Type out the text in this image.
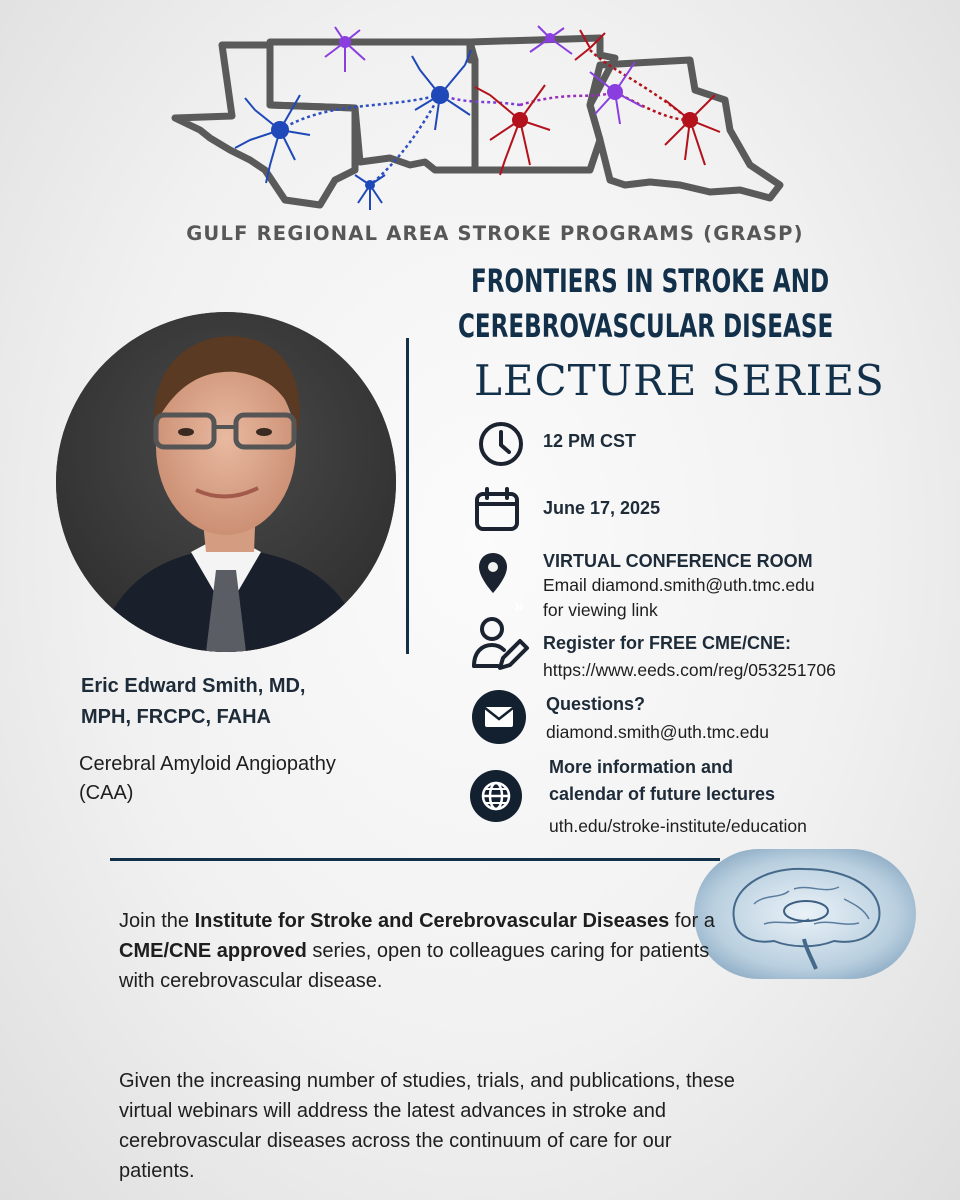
GULF REGIONAL AREA STROKE PROGRAMS (GRASP)
FRONTIERS IN STROKE AND
CEREBROVASCULAR DISEASE
LECTURE SERIES
Eric Edward Smith, MD,
MPH, FRCPC, FAHA
Cerebral Amyloid Angiopathy
(CAA)
12 PM CST
June 17, 2025
VIRTUAL CONFERENCE ROOM
Email diamond.smith@uth.tmc.edu
for viewing link
»
Register for FREE CME/CNE:
https://www.eeds.com/reg/053251706
Questions?
diamond.smith@uth.tmc.edu
More information and
calendar of future lectures
uth.edu/stroke-institute/education
Join the Institute for Stroke and Cerebrovascular Diseases for a CME/CNE approved series, open to colleagues caring for patients with cerebrovascular disease.
Given the increasing number of studies, trials, and publications, these virtual webinars will address the latest advances in stroke and cerebrovascular diseases across the continuum of care for our patients.
